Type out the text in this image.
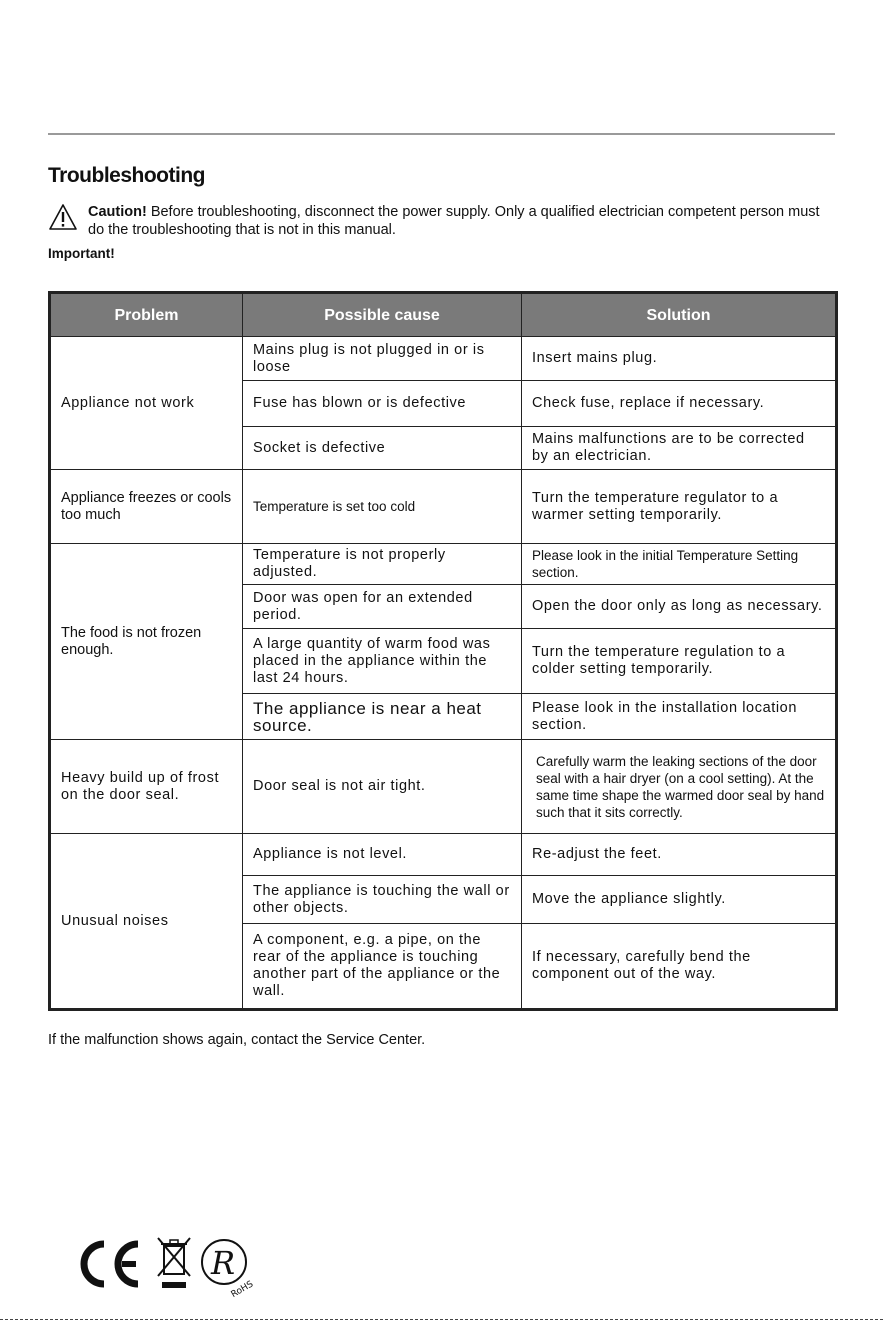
Troubleshooting
Caution! Before troubleshooting, disconnect the power supply. Only a qualified electrician competent person must do the troubleshooting that is not in this manual.
Important!
Problem	Possible cause	Solution
Appliance not work	Mains plug is not plugged in or is loose	Insert mains plug.
	Fuse has blown or is defective	Check fuse, replace if necessary.
	Socket is defective	Mains malfunctions are to be corrected by an electrician.
Appliance freezes or cools too much	Temperature is set too cold	Turn the temperature regulator to a warmer setting temporarily.
The food is not frozen enough.	Temperature is not properly adjusted.	Please look in the initial Temperature Setting section.
	Door was open for an extended period.	Open the door only as long as necessary.
	A large quantity of warm food was placed in the appliance within the last 24 hours.	Turn the temperature regulation to a colder setting temporarily.
	The appliance is near a heat source.	Please look in the installation location section.
Heavy build up of frost on the door seal.	Door seal is not air tight.	Carefully warm the leaking sections of the door seal with a hair dryer (on a cool setting). At the same time shape the warmed door seal by hand such that it sits correctly.
Unusual noises	Appliance is not level.	Re-adjust the feet.
	The appliance is touching the wall or other objects.	Move the appliance slightly.
	A component, e.g. a pipe, on the rear of the appliance is touching another part of the appliance or the wall.	If necessary, carefully bend the component out of the way.
If the malfunction shows again, contact the Service Center.
R
RoHS
